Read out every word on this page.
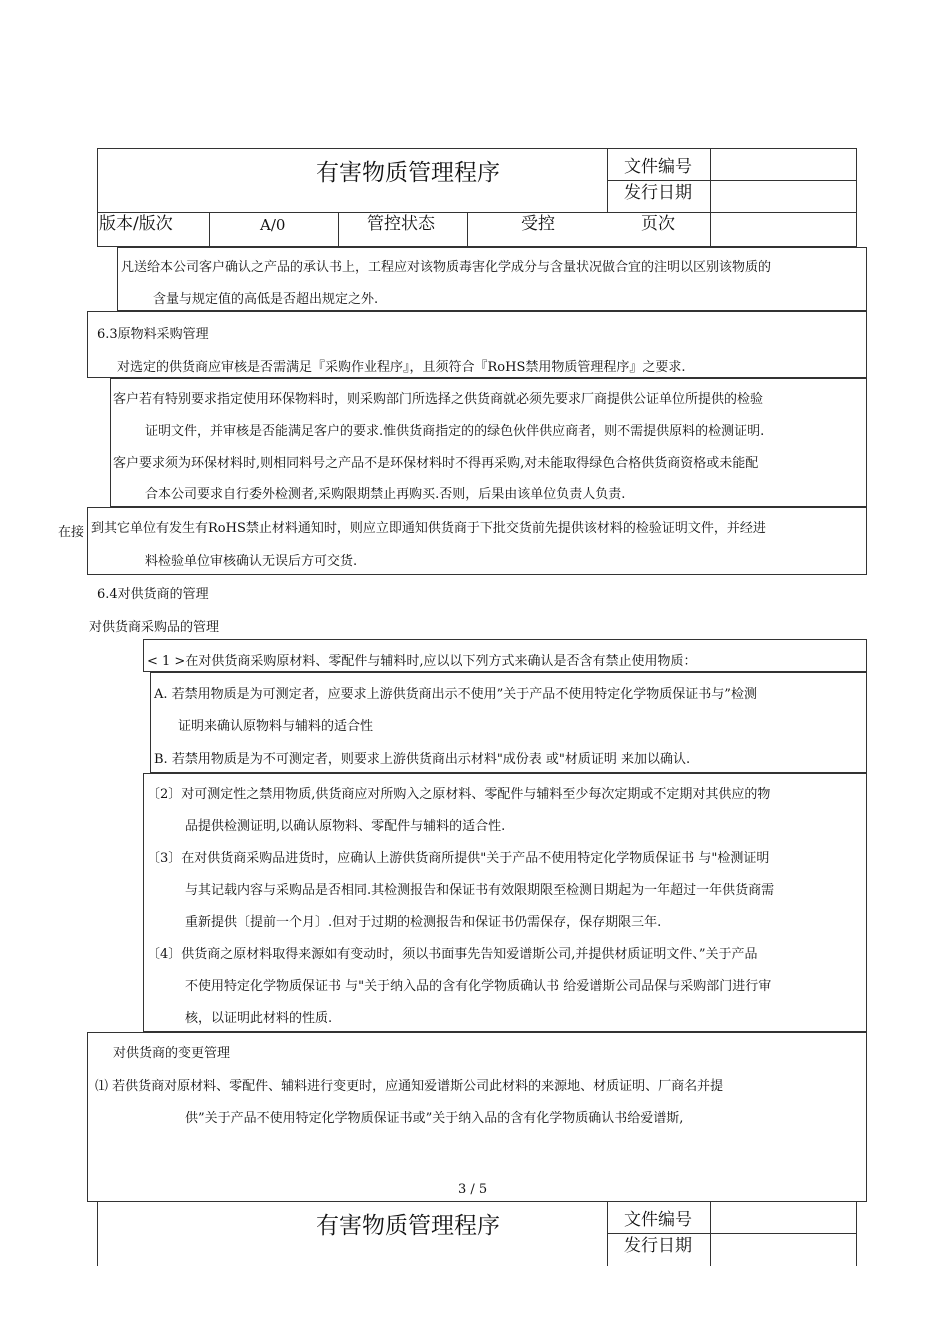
有害物质管理程序	文件编号
发行日期
版本/版次	A/0	管控状态	受控	页次
凡送给本公司客户确认之产品的承认书上，工程应对该物质毒害化学成分与含量状况做合宜的注明以区别该物质的
含量与规定值的高低是否超出规定之外.
6.3原物料采购管理
对选定的供货商应审核是否需满足『采购作业程序』，且须符合『RoHS禁用物质管理程序』之要求.
客户若有特别要求指定使用环保物料时，则采购部门所选择之供货商就必须先要求厂商提供公证单位所提供的检验
证明文件，并审核是否能满足客户的要求.惟供货商指定的的绿色伙伴供应商者，则不需提供原料的检测证明.
客户要求须为环保材料时,则相同料号之产品不是环保材料时不得再采购,对未能取得绿色合格供货商资格或未能配
合本公司要求自行委外检测者,采购限期禁止再购买.否则，后果由该单位负责人负责.
在接 到其它单位有发生有RoHS禁止材料通知时，则应立即通知供货商于下批交货前先提供该材料的检验证明文件，并经进
料检验单位审核确认无误后方可交货.
6.4对供货商的管理
对供货商采购品的管理
< 1 >在对供货商采购原材料、零配件与辅料时,应以以下列方式来确认是否含有禁止使用物质：
A. 若禁用物质是为可测定者，应要求上游供货商出示不使用”关于产品不使用特定化学物质保证书与”检测
证明来确认原物料与辅料的适合性
B. 若禁用物质是为不可测定者，则要求上游供货商出示材料"成份表 或"材质证明 来加以确认.
〔2〕对可测定性之禁用物质,供货商应对所购入之原材料、零配件与辅料至少每次定期或不定期对其供应的物
品提供检测证明,以确认原物料、零配件与辅料的适合性.
〔3〕在对供货商采购品进货时，应确认上游供货商所提供"关于产品不使用特定化学物质保证书 与"检测证明
与其记载内容与采购品是否相同.其检测报告和保证书有效限期限至检测日期起为一年超过一年供货商需
重新提供〔提前一个月〕.但对于过期的检测报告和保证书仍需保存，保存期限三年.
〔4〕供货商之原材料取得来源如有变动时，须以书面事先告知爱谱斯公司,并提供材质证明文件、”关于产品
不使用特定化学物质保证书 与"关于纳入品的含有化学物质确认书 给爱谱斯公司品保与采购部门进行审
核，以证明此材料的性质.
对供货商的变更管理
⑴ 若供货商对原材料、零配件、辅料进行变更时，应通知爱谱斯公司此材料的来源地、材质证明、厂商名并提
供”关于产品不使用特定化学物质保证书或”关于纳入品的含有化学物质确认书给爱谱斯,
3 / 5
有害物质管理程序	文件编号
发行日期
